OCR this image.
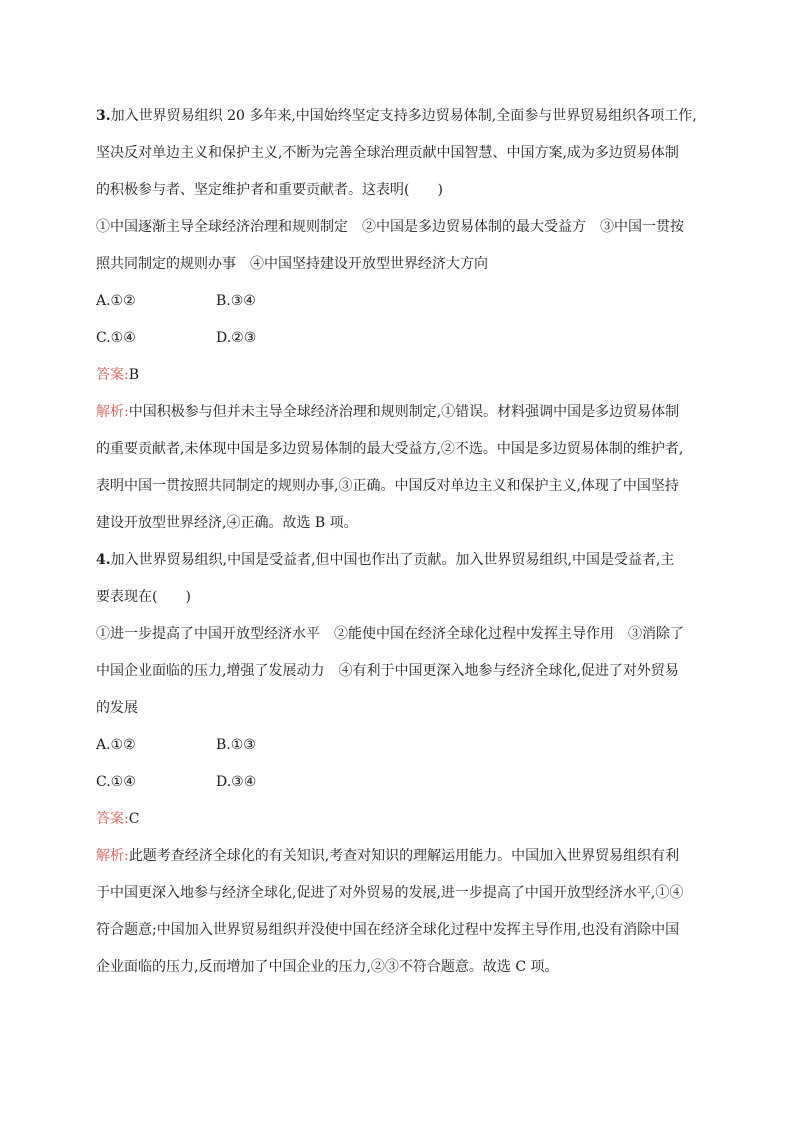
3.加入世界贸易组织 20 多年来,中国始终坚定支持多边贸易体制,全面参与世界贸易组织各项工作,
坚决反对单边主义和保护主义,不断为完善全球治理贡献中国智慧、中国方案,成为多边贸易体制
的积极参与者、坚定维护者和重要贡献者。这表明(　　)
①中国逐渐主导全球经济治理和规则制定　②中国是多边贸易体制的最大受益方　③中国一贯按
照共同制定的规则办事　④中国坚持建设开放型世界经济大方向
A.①②	B.③④
C.①④	D.②③
答案:B
解析:中国积极参与但并未主导全球经济治理和规则制定,①错误。材料强调中国是多边贸易体制
的重要贡献者,未体现中国是多边贸易体制的最大受益方,②不选。中国是多边贸易体制的维护者,
表明中国一贯按照共同制定的规则办事,③正确。中国反对单边主义和保护主义,体现了中国坚持
建设开放型世界经济,④正确。故选 B 项。
4.加入世界贸易组织,中国是受益者,但中国也作出了贡献。加入世界贸易组织,中国是受益者,主
要表现在(　　)
①进一步提高了中国开放型经济水平　②能使中国在经济全球化过程中发挥主导作用　③消除了
中国企业面临的压力,增强了发展动力　④有利于中国更深入地参与经济全球化,促进了对外贸易
的发展
A.①②	B.①③
C.①④	D.③④
答案:C
解析:此题考查经济全球化的有关知识,考查对知识的理解运用能力。中国加入世界贸易组织有利
于中国更深入地参与经济全球化,促进了对外贸易的发展,进一步提高了中国开放型经济水平,①④
符合题意;中国加入世界贸易组织并没使中国在经济全球化过程中发挥主导作用,也没有消除中国
企业面临的压力,反而增加了中国企业的压力,②③不符合题意。故选 C 项。
